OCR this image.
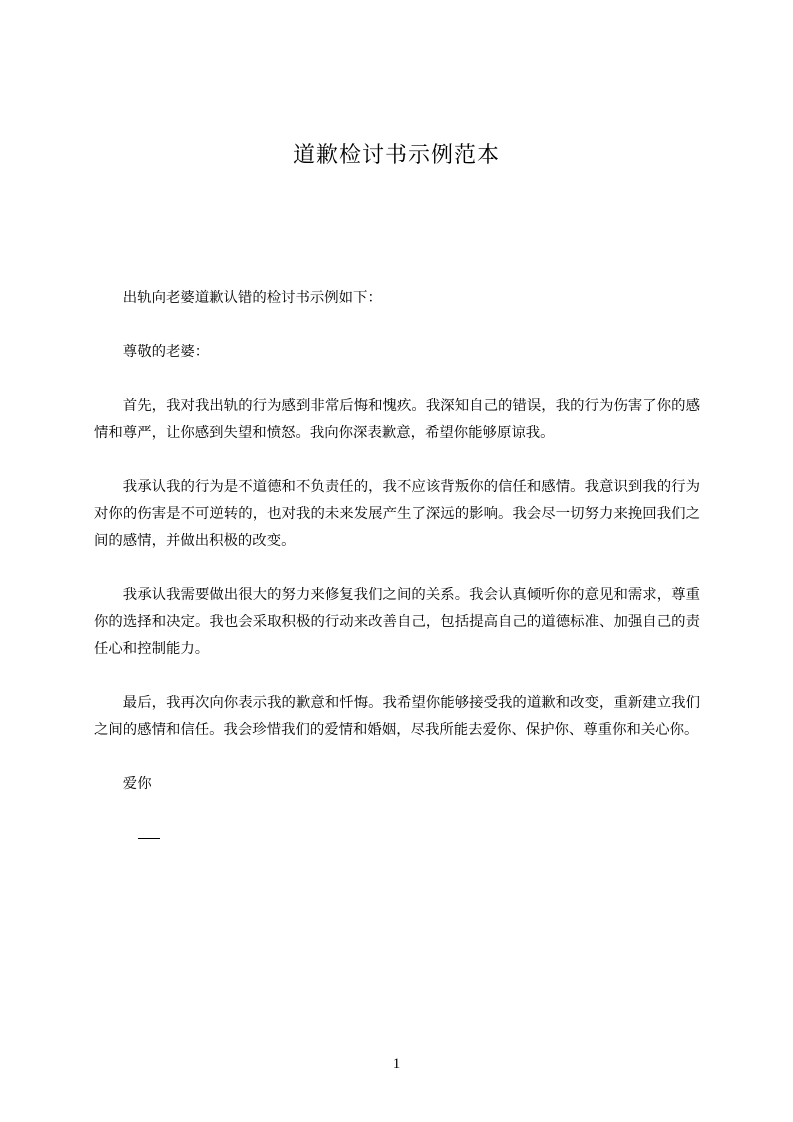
道歉检讨书示例范本

出轨向老婆道歉认错的检讨书示例如下：

尊敬的老婆：

首先，我对我出轨的行为感到非常后悔和愧疚。我深知自己的错误，我的行为伤害了你的感情和尊严，让你感到失望和愤怒。我向你深表歉意，希望你能够原谅我。

我承认我的行为是不道德和不负责任的，我不应该背叛你的信任和感情。我意识到我的行为对你的伤害是不可逆转的，也对我的未来发展产生了深远的影响。我会尽一切努力来挽回我们之间的感情，并做出积极的改变。

我承认我需要做出很大的努力来修复我们之间的关系。我会认真倾听你的意见和需求，尊重你的选择和决定。我也会采取积极的行动来改善自己，包括提高自己的道德标准、加强自己的责任心和控制能力。

最后，我再次向你表示我的歉意和忏悔。我希望你能够接受我的道歉和改变，重新建立我们之间的感情和信任。我会珍惜我们的爱情和婚姻，尽我所能去爱你、保护你、尊重你和关心你。

爱你

1
